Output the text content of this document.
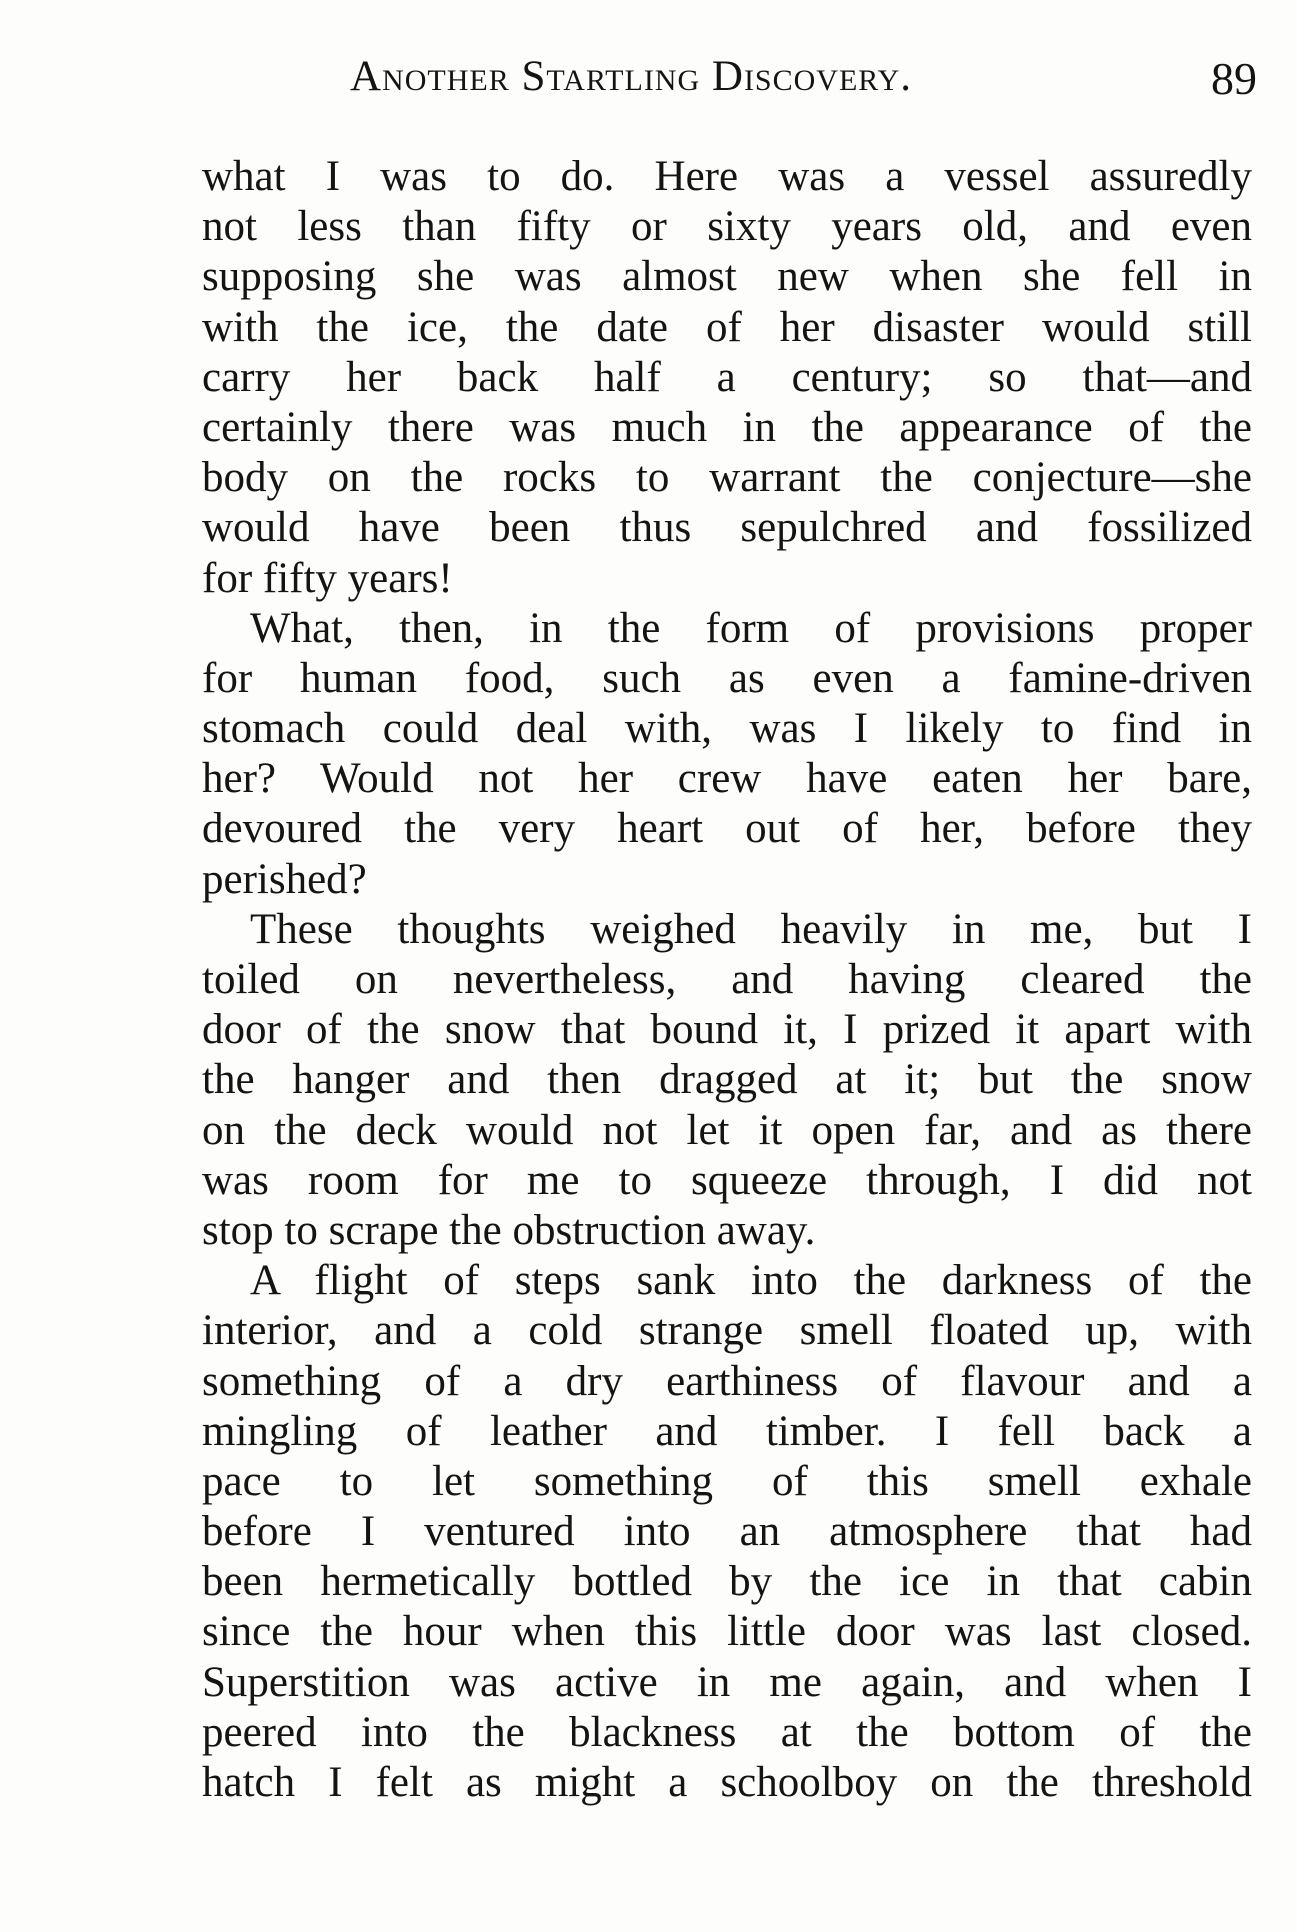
Another Startling Discovery.	89
what I was to do. Here was a vessel assuredly
not less than fifty or sixty years old, and even
supposing she was almost new when she fell in
with the ice, the date of her disaster would still
carry her back half a century; so that—and
certainly there was much in the appearance of the
body on the rocks to warrant the conjecture—she
would have been thus sepulchred and fossilized
for fifty years!
What, then, in the form of provisions proper
for human food, such as even a famine-driven
stomach could deal with, was I likely to find in
her? Would not her crew have eaten her bare,
devoured the very heart out of her, before they
perished?
These thoughts weighed heavily in me, but I
toiled on nevertheless, and having cleared the
door of the snow that bound it, I prized it apart with
the hanger and then dragged at it; but the snow
on the deck would not let it open far, and as there
was room for me to squeeze through, I did not
stop to scrape the obstruction away.
A flight of steps sank into the darkness of the
interior, and a cold strange smell floated up, with
something of a dry earthiness of flavour and a
mingling of leather and timber. I fell back a
pace to let something of this smell exhale
before I ventured into an atmosphere that had
been hermetically bottled by the ice in that cabin
since the hour when this little door was last closed.
Superstition was active in me again, and when I
peered into the blackness at the bottom of the
hatch I felt as might a schoolboy on the threshold
